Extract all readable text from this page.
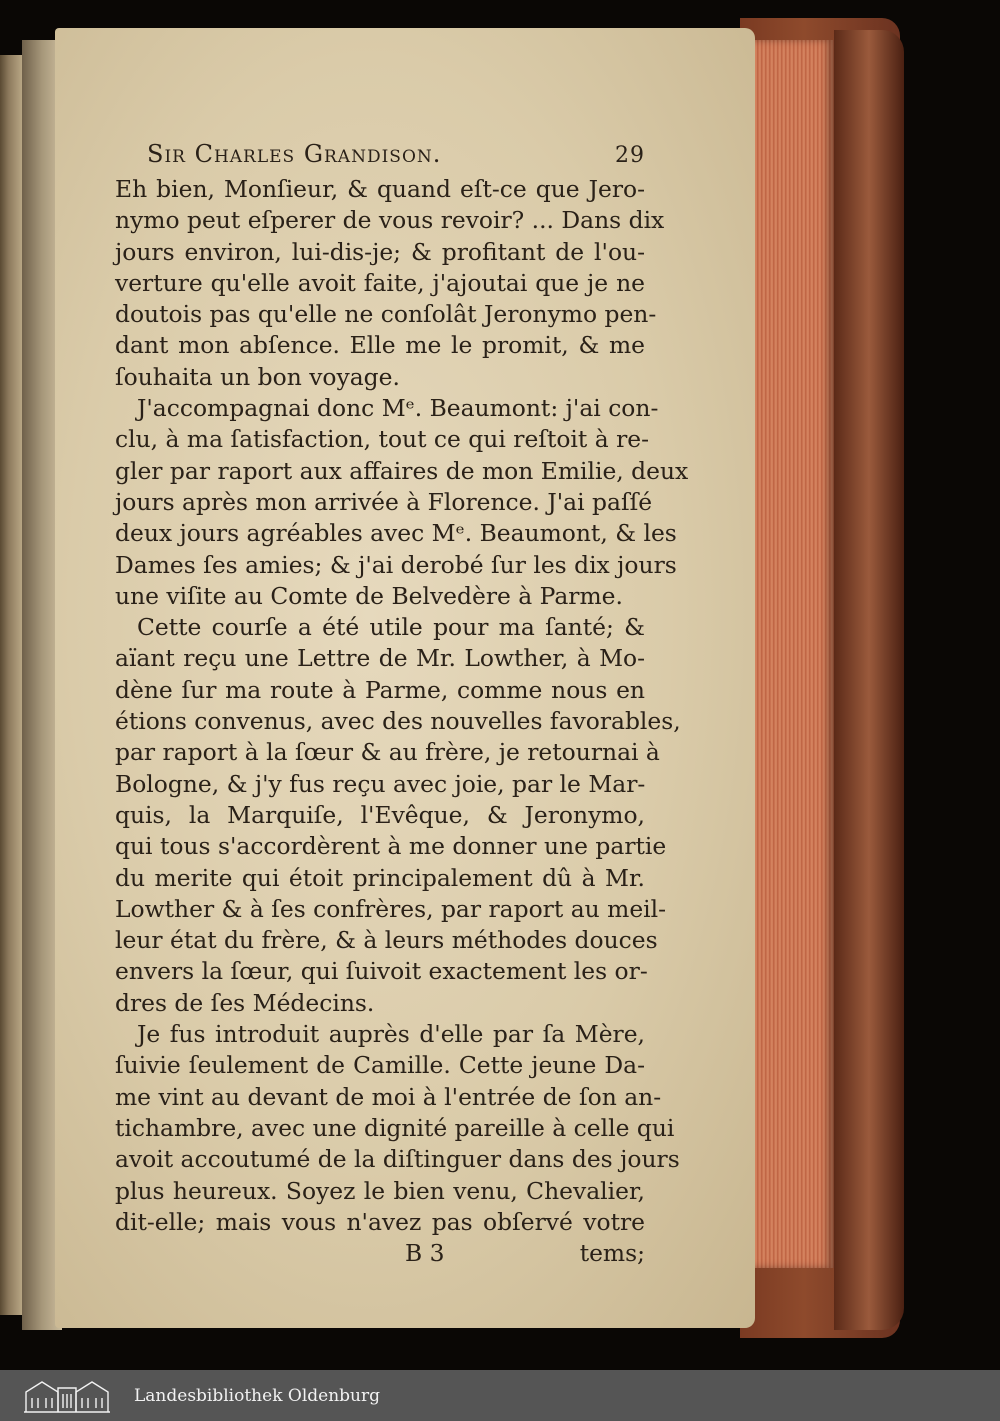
Sir Charles Grandison.	29
Eh bien, Monſieur, & quand eſt-ce que Jero-
nymo peut eſperer de vous revoir? ... Dans dix
jours environ, lui-dis-je; & profitant de l'ou-
verture qu'elle avoit faite, j'ajoutai que je ne
doutois pas qu'elle ne conſolât Jeronymo pen-
dant mon abſence. Elle me le promit, & me
ſouhaita un bon voyage.
J'accompagnai donc Mᵉ. Beaumont: j'ai con-
clu, à ma ſatisfaction, tout ce qui reſtoit à re-
gler par raport aux affaires de mon Emilie, deux
jours après mon arrivée à Florence. J'ai paſſé
deux jours agréables avec Mᵉ. Beaumont, & les
Dames ſes amies; & j'ai derobé ſur les dix jours
une viſite au Comte de Belvedère à Parme.
Cette courſe a été utile pour ma ſanté; &
aïant reçu une Lettre de Mr. Lowther, à Mo-
dène ſur ma route à Parme, comme nous en
étions convenus, avec des nouvelles favorables,
par raport à la ſœur & au frère, je retournai à
Bologne, & j'y fus reçu avec joie, par le Mar-
quis, la Marquiſe, l'Evêque, & Jeronymo,
qui tous s'accordèrent à me donner une partie
du merite qui étoit principalement dû à Mr.
Lowther & à ſes confrères, par raport au meil-
leur état du frère, & à leurs méthodes douces
envers la ſœur, qui ſuivoit exactement les or-
dres de ſes Médecins.
Je fus introduit auprès d'elle par ſa Mère,
ſuivie ſeulement de Camille. Cette jeune Da-
me vint au devant de moi à l'entrée de ſon an-
tichambre, avec une dignité pareille à celle qui
avoit accoutumé de la diſtinguer dans des jours
plus heureux. Soyez le bien venu, Chevalier,
dit-elle; mais vous n'avez pas obſervé votre
B 3	tems;
Landesbibliothek Oldenburg
